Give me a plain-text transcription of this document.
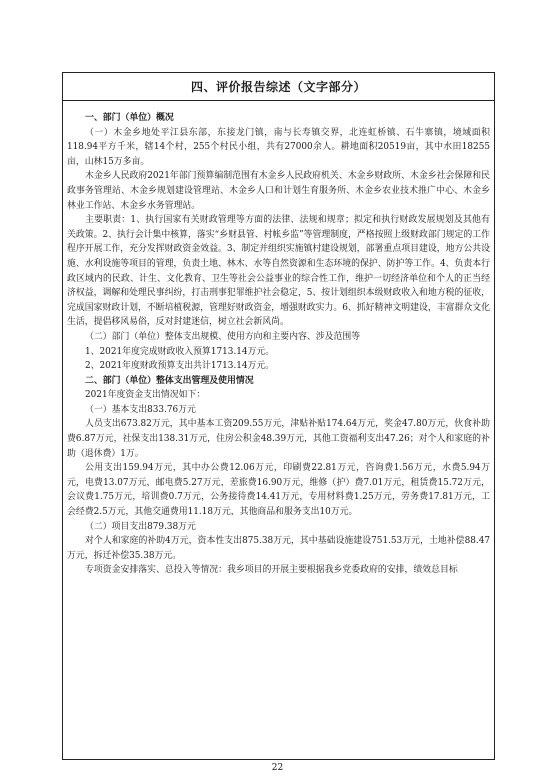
四、评价报告综述（文字部分）

一、部门（单位）概况

（一）木金乡地处平江县东部，东接龙门镇，南与长寿镇交界，北连虹桥镇、石牛寨镇，境域面积118.94平方千米，辖14个村，255个村民小组，共有27000余人。耕地面积20519亩，其中水田18255亩，山林15万多亩。

木金乡人民政府2021年部门预算编制范围有木金乡人民政府机关、木金乡财政所、木金乡社会保障和民政事务管理站、木金乡规划建设管理站、木金乡人口和计划生育服务所、木金乡农业技术推广中心、木金乡林业工作站、木金乡水务管理站。

主要职责：1、执行国家有关财政管理等方面的法律、法规和规章；拟定和执行财政发展规划及其他有关政策。2、执行会计集中核算，落实“乡财县管、村帐乡监”等管理制度，严格按照上级财政部门规定的工作程序开展工作，充分发挥财政资金效益。3、制定并组织实施镇村建设规划，部署重点项目建设，地方公共设施、水利设施等项目的管理，负责土地、林木、水等自然资源和生态环境的保护、防护等工作。4、负责本行政区域内的民政、计生、文化教育、卫生等社会公益事业的综合性工作，维护一切经济单位和个人的正当经济权益，调解和处理民事纠纷，打击刑事犯罪维护社会稳定，5、按计划组织本级财政收入和地方税的征收，完成国家财政计划，不断培植税源，管理好财政资金，增强财政实力。6、抓好精神文明建设，丰富群众文化生活，提倡移风易俗，反对封建迷信，树立社会新风尚。

（二）部门（单位）整体支出规模、使用方向和主要内容、涉及范围等

1、2021年度完成财政收入预算1713.14万元。

2、2021年度财政预算支出共计1713.14万元。

二、部门（单位）整体支出管理及使用情况

2021年度资金支出情况如下：

（一）基本支出833.76万元

人员支出673.82万元，其中基本工资209.55万元，津贴补贴174.64万元，奖金47.80万元，伙食补助费6.87万元，社保支出138.31万元，住房公积金48.39万元，其他工资福利支出47.26；对个人和家庭的补助（退休费）1万。

公用支出159.94万元，其中办公费12.06万元，印刷费22.81万元，咨询费1.56万元，水费5.94万元，电费13.07万元，邮电费5.27万元，差旅费16.90万元，维修（护）费7.01万元，租赁费15.72万元，会议费1.75万元，培训费0.7万元，公务接待费14.41万元，专用材料费1.25万元，劳务费17.81万元，工会经费2.5万元，其他交通费用11.18万元，其他商品和服务支出10万元。

（二）项目支出879.38万元

对个人和家庭的补助4万元，资本性支出875.38万元，其中基础设施建设751.53万元，土地补偿88.47万元，拆迁补偿35.38万元。

专项资金安排落实、总投入等情况：我乡项目的开展主要根据我乡党委政府的安排，绩效总目标

22
